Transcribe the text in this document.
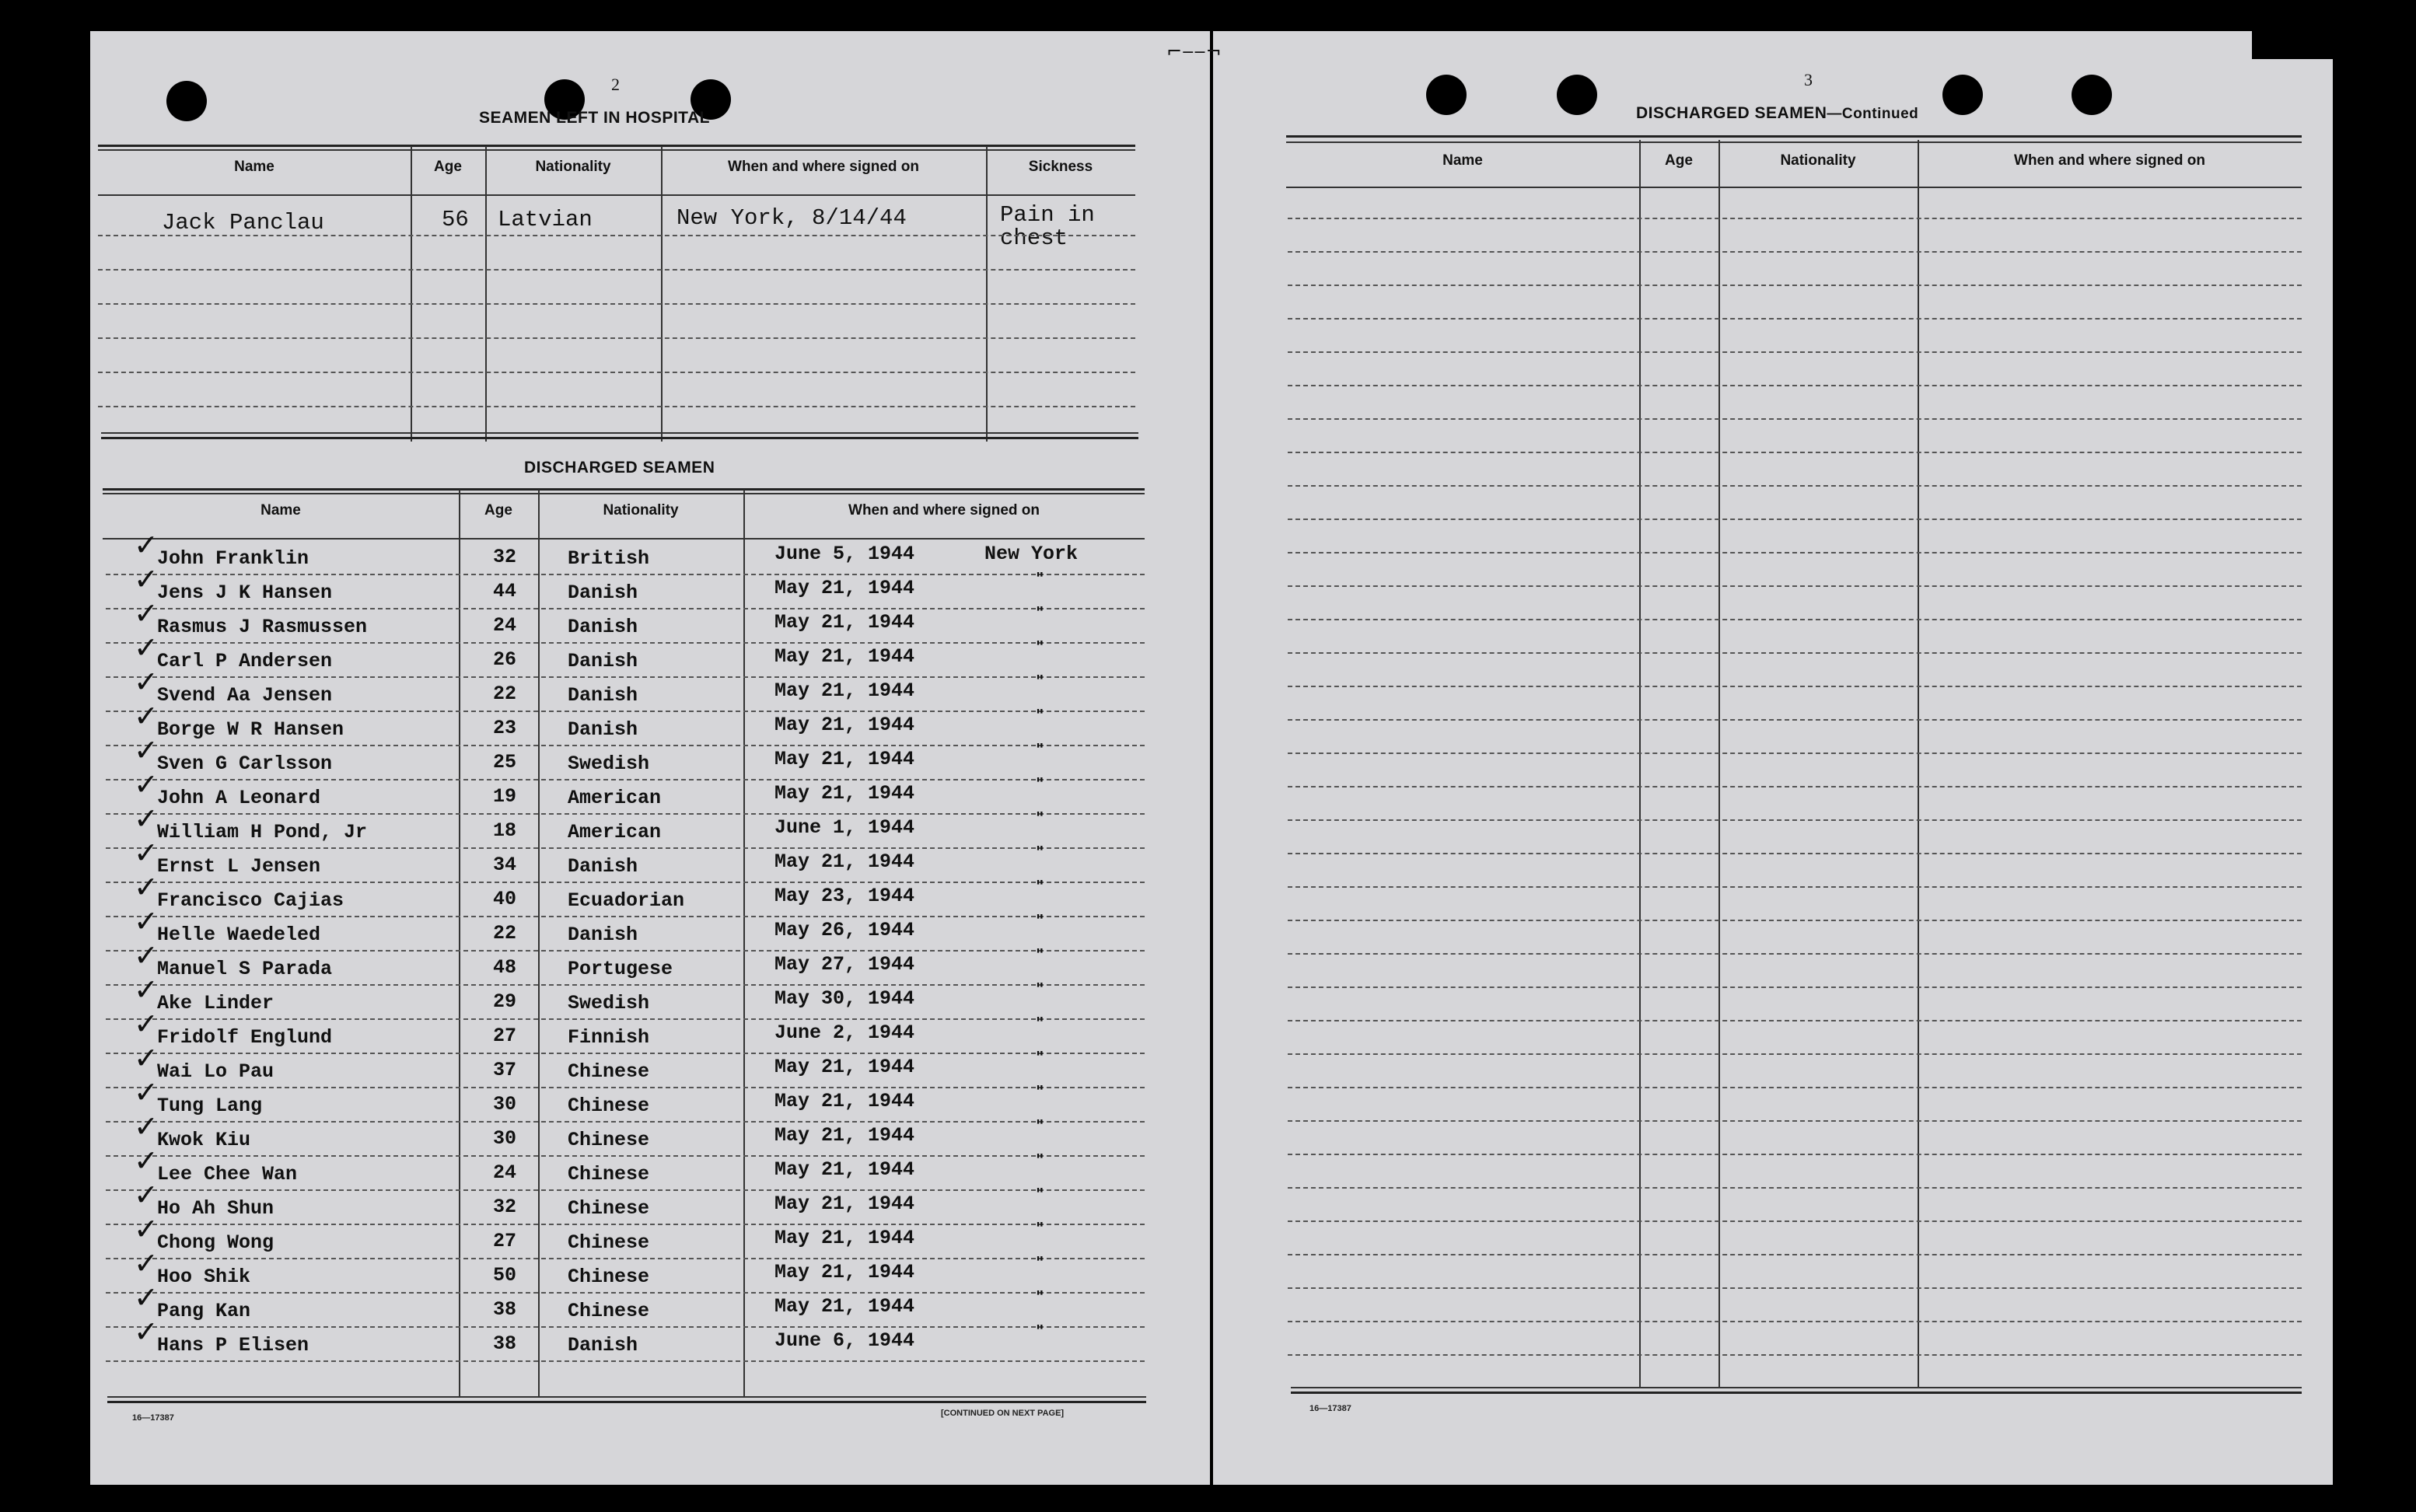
2
SEAMEN LEFT IN HOSPITAL
Name	Age	Nationality	When and where signed on	Sickness
Jack Panclau	56 Latvian	New York, 8/14/44	Pain in
chest
DISCHARGED SEAMEN
Name	Age	Nationality	When and where signed on
✓
John Franklin	32	British	June 5, 1944	New York
✓
Jens J K Hansen	44	Danish	May 21, 1944	"
✓
Rasmus J Rasmussen	24	Danish	May 21, 1944	"
✓
Carl P Andersen	26	Danish	May 21, 1944	"
✓
Svend Aa Jensen	22	Danish	May 21, 1944	"
✓
Borge W R Hansen	23	Danish	May 21, 1944	"
✓
Sven G Carlsson	25	Swedish	May 21, 1944	"
✓
John A Leonard	19	American	May 21, 1944	"
✓
William H Pond, Jr	18	American	June 1, 1944	"
✓
Ernst L Jensen	34	Danish	May 21, 1944	"
✓
Francisco Cajias	40	Ecuadorian	May 23, 1944	"
✓
Helle Waedeled	22	Danish	May 26, 1944	"
✓
Manuel S Parada	48	Portugese	May 27, 1944	"
✓
Ake Linder	29	Swedish	May 30, 1944	"
✓
Fridolf Englund	27	Finnish	June 2, 1944	"
✓
Wai Lo Pau	37	Chinese	May 21, 1944	"
✓
Tung Lang	30	Chinese	May 21, 1944	"
✓
Kwok Kiu	30	Chinese	May 21, 1944	"
✓
Lee Chee Wan	24	Chinese	May 21, 1944	"
✓
Ho Ah Shun	32	Chinese	May 21, 1944	"
✓
Chong Wong	27	Chinese	May 21, 1944	"
✓
Hoo Shik	50	Chinese	May 21, 1944	"
✓
Pang Kan	38	Chinese	May 21, 1944	"
✓
Hans P Elisen	38	Danish	June 6, 1944	"
16—17387	[CONTINUED ON NEXT PAGE]
3
DISCHARGED SEAMEN—Continued
Name	Age	Nationality	When and where signed on
16—17387
⌐‒‒¬
